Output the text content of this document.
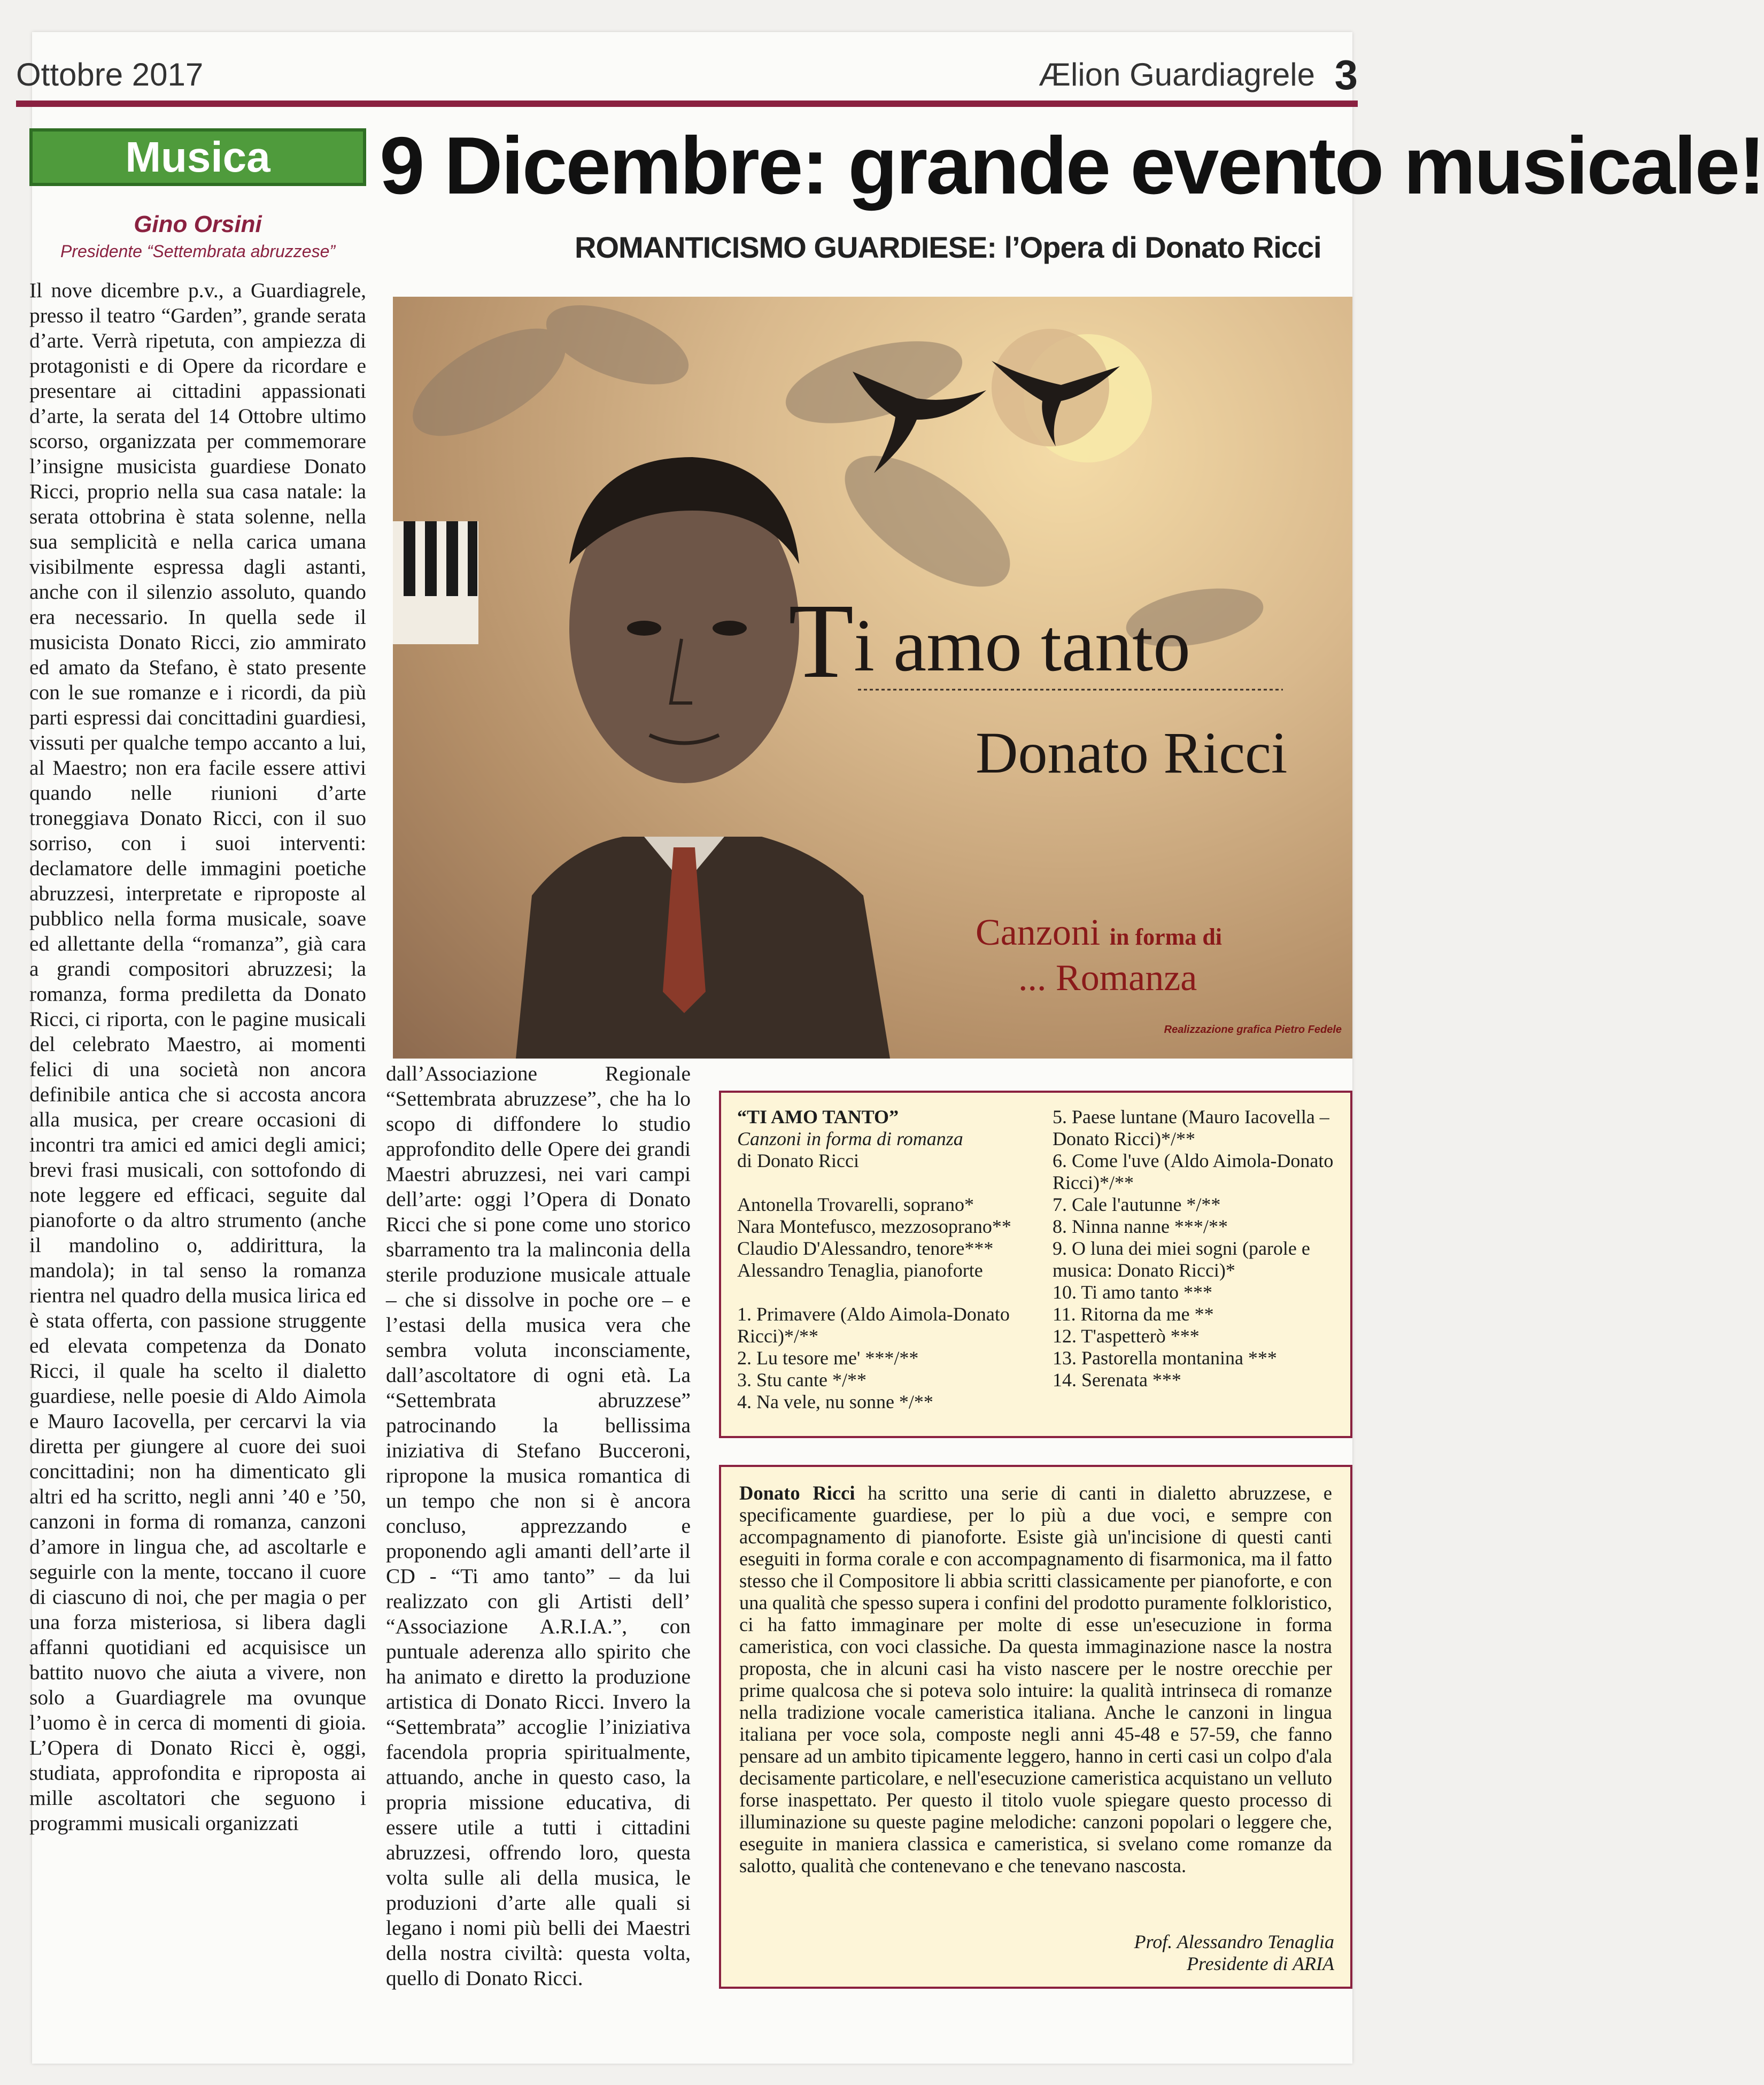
Ottobre 2017	Ælion Guardiagrele 3
Musica
Gino Orsini
Presidente “Settembrata abruzzese”
9 Dicembre: grande evento musicale!
ROMANTICISMO GUARDIESE: l’Opera di Donato Ricci
Il nove dicembre p.v., a Guardiagrele, presso il teatro “Garden”, grande serata d’arte. Verrà ripetuta, con ampiezza di protagonisti e di Opere da ricordare e presentare ai cittadini appassionati d’arte, la serata del 14 Ottobre ultimo scorso, organizzata per commemorare l’insigne musicista guardiese Donato Ricci, proprio nella sua casa natale: la serata ottobrina è stata solenne, nella sua semplicità e nella carica umana visibilmente espressa dagli astanti, anche con il silenzio assoluto, quando era necessario. In quella sede il musicista Donato Ricci, zio ammirato ed amato da Stefano, è stato presente con le sue romanze e i ricordi, da più parti espressi dai concittadini guardiesi, vissuti per qualche tempo accanto a lui, al Maestro; non era facile essere attivi quando nelle riunioni d’arte troneggiava Donato Ricci, con il suo sorriso, con i suoi interventi: declamatore delle immagini poetiche abruzzesi, interpretate e riproposte al pubblico nella forma musicale, soave ed allettante della “romanza”, già cara a grandi compositori abruzzesi; la romanza, forma prediletta da Donato Ricci, ci riporta, con le pagine musicali del celebrato Maestro, ai momenti felici di una società non ancora definibile antica che si accosta ancora alla musica, per creare occasioni di incontri tra amici ed amici degli amici; brevi frasi musicali, con sottofondo di note leggere ed efficaci, seguite dal pianoforte o da altro strumento (anche il mandolino o, addirittura, la mandola); in tal senso la romanza rientra nel quadro della musica lirica ed è stata offerta, con passione struggente ed elevata competenza da Donato Ricci, il quale ha scelto il dialetto guardiese, nelle poesie di Aldo Aimola e Mauro Iacovella, per cercarvi la via diretta per giungere al cuore dei suoi concittadini; non ha dimenticato gli altri ed ha scritto, negli anni ’40 e ’50, canzoni in forma di romanza, canzoni d’amore in lingua che, ad ascoltarle e seguirle con la mente, toccano il cuore di ciascuno di noi, che per magia o per una forza misteriosa, si libera dagli affanni quotidiani ed acquisisce un battito nuovo che aiuta a vivere, non solo a Guardiagrele ma ovunque l’uomo è in cerca di momenti di gioia. L’Opera di Donato Ricci è, oggi, studiata, approfondita e riproposta ai mille ascoltatori che seguono i programmi musicali organizzati
Ti amo tanto
Donato Ricci
Canzoni in forma di
... Romanza
Realizzazione grafica Pietro Fedele
dall’Associazione Regionale “Settembrata abruzzese”, che ha lo scopo di diffondere lo studio approfondito delle Opere dei grandi Maestri abruzzesi, nei vari campi dell’arte: oggi l’Opera di Donato Ricci che si pone come uno storico sbarramento tra la malinconia della sterile produzione musicale attuale – che si dissolve in poche ore – e l’estasi della musica vera che sembra voluta inconsciamente, dall’ascoltatore di ogni età. La “Settembrata abruzzese” patrocinando la bellissima iniziativa di Stefano Bucceroni, ripropone la musica romantica di un tempo che non si è ancora concluso, apprezzando e proponendo agli amanti dell’arte il CD - “Ti amo tanto” – da lui realizzato con gli Artisti dell’ “Associazione A.R.I.A.”, con puntuale aderenza allo spirito che ha animato e diretto la produzione artistica di Donato Ricci. Invero la “Settembrata” accoglie l’iniziativa facendola propria spiritualmente, attuando, anche in questo caso, la propria missione educativa, di essere utile a tutti i cittadini abruzzesi, offrendo loro, questa volta sulle ali della musica, le produzioni d’arte alle quali si legano i nomi più belli dei Maestri della nostra civiltà: questa volta, quello di Donato Ricci.
“TI AMO TANTO”
Canzoni in forma di romanza
di Donato Ricci
Antonella Trovarelli, soprano*
Nara Montefusco, mezzosoprano**
Claudio D'Alessandro, tenore***
Alessandro Tenaglia, pianoforte
1. Primavere (Aldo Aimola-Donato Ricci)*/**
2. Lu tesore me' ***/**
3. Stu cante */**
4. Na vele, nu sonne */**
5. Paese luntane (Mauro Iacovella – Donato Ricci)*/**
6. Come l'uve (Aldo Aimola-Donato Ricci)*/**
7. Cale l'autunne */**
8. Ninna nanne ***/**
9. O luna dei miei sogni (parole e musica: Donato Ricci)*
10. Ti amo tanto ***
11. Ritorna da me **
12. T'aspetterò ***
13. Pastorella montanina ***
14. Serenata ***
Donato Ricci ha scritto una serie di canti in dialetto abruzzese, e specificamente guardiese, per lo più a due voci, e sempre con accompagnamento di pianoforte. Esiste già un'incisione di questi canti eseguiti in forma corale e con accompagnamento di fisarmonica, ma il fatto stesso che il Compositore li abbia scritti classicamente per pianoforte, e con una qualità che spesso supera i confini del prodotto puramente folkloristico, ci ha fatto immaginare per molte di esse un'esecuzione in forma cameristica, con voci classiche. Da questa immaginazione nasce la nostra proposta, che in alcuni casi ha visto nascere per le nostre orecchie per prime qualcosa che si poteva solo intuire: la qualità intrinseca di romanze nella tradizione vocale cameristica italiana. Anche le canzoni in lingua italiana per voce sola, composte negli anni 45-48 e 57-59, che fanno pensare ad un ambito tipicamente leggero, hanno in certi casi un colpo d'ala decisamente particolare, e nell'esecuzione cameristica acquistano un velluto forse inaspettato. Per questo il titolo vuole spiegare questo processo di illuminazione su queste pagine melodiche: canzoni popolari o leggere che, eseguite in maniera classica e cameristica, si svelano come romanze da salotto, qualità che contenevano e che tenevano nascosta.
Prof. Alessandro Tenaglia
Presidente di ARIA
